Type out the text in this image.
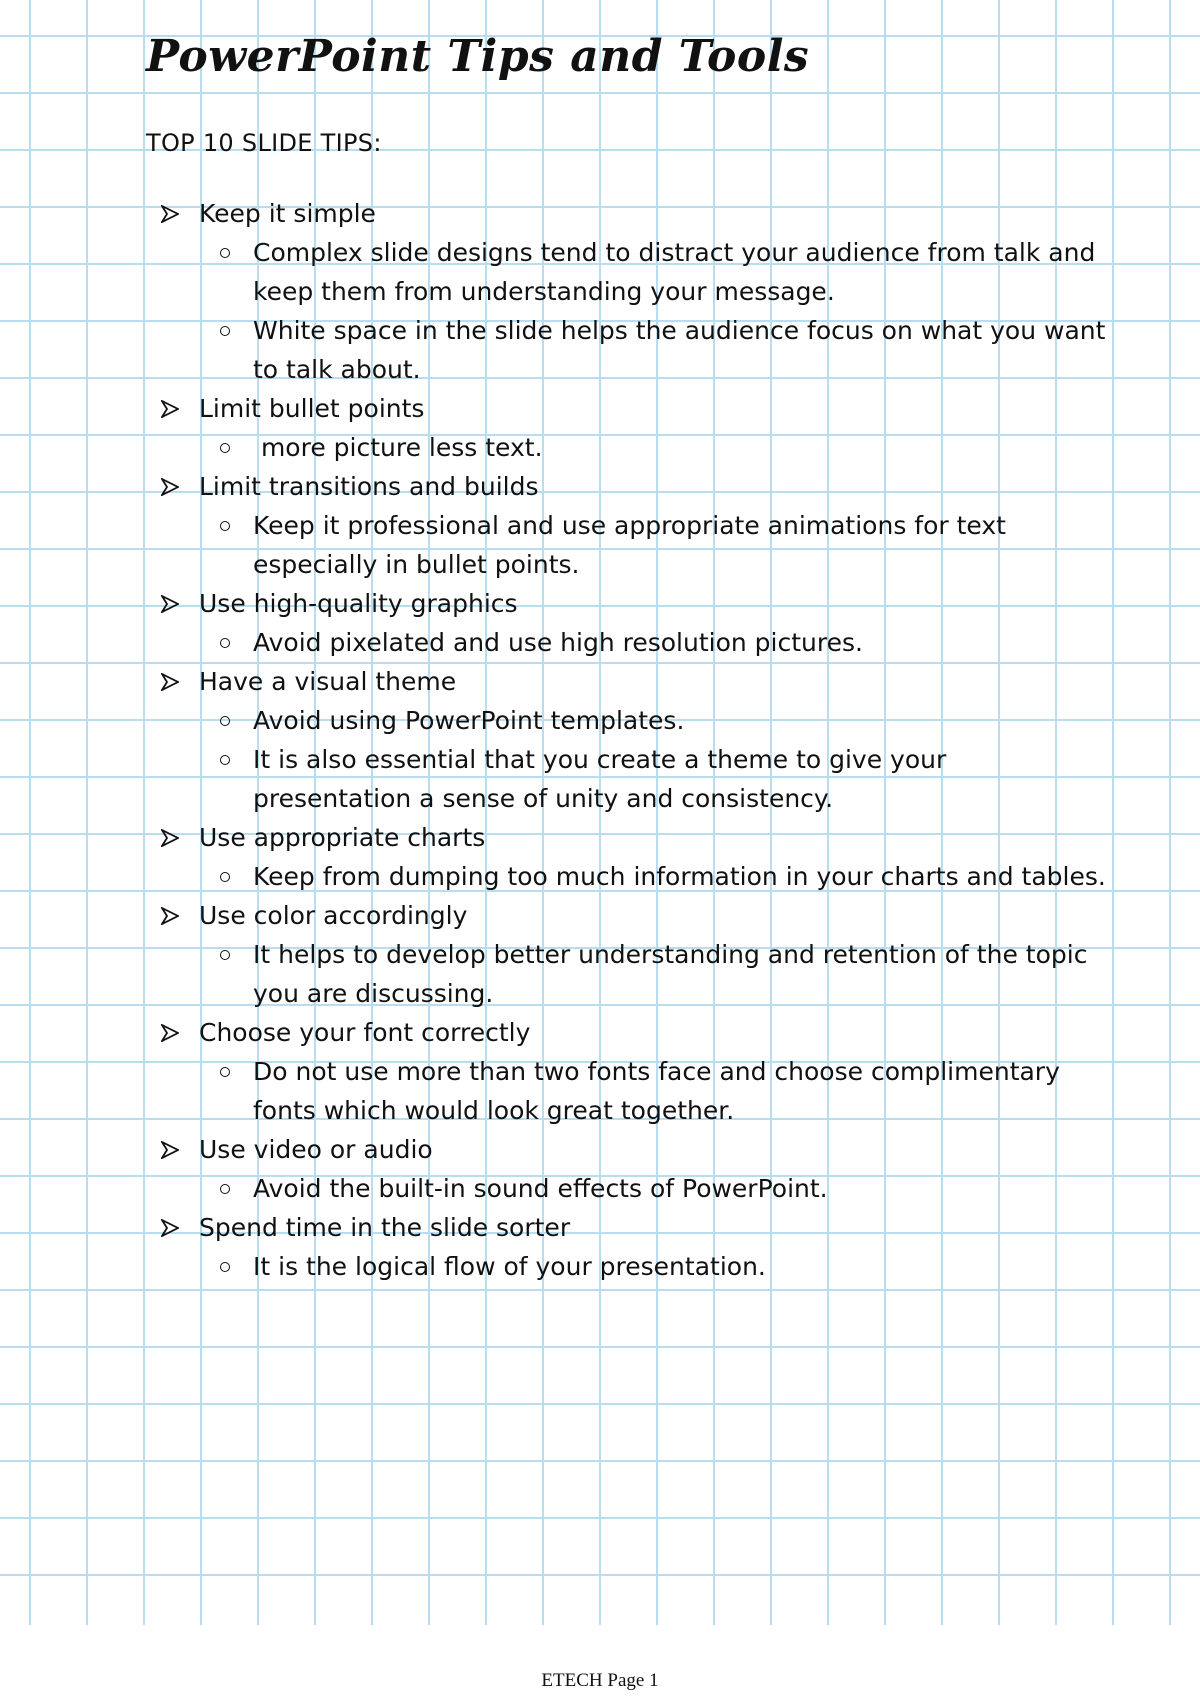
PowerPoint Tips and Tools
TOP 10 SLIDE TIPS:
Keep it simple
Complex slide designs tend to distract your audience from talk and keep them from understanding your message.
White space in the slide helps the audience focus on what you want to talk about.
Limit bullet points
more picture less text.
Limit transitions and builds
Keep it professional and use appropriate animations for text especially in bullet points.
Use high-quality graphics
Avoid pixelated and use high resolution pictures.
Have a visual theme
Avoid using PowerPoint templates.
It is also essential that you create a theme to give your presentation a sense of unity and consistency.
Use appropriate charts
Keep from dumping too much information in your charts and tables.
Use color accordingly
It helps to develop better understanding and retention of the topic you are discussing.
Choose your font correctly
Do not use more than two fonts face and choose complimentary fonts which would look great together.
Use video or audio
Avoid the built-in sound effects of PowerPoint.
Spend time in the slide sorter
It is the logical flow of your presentation.
ETECH Page 1
